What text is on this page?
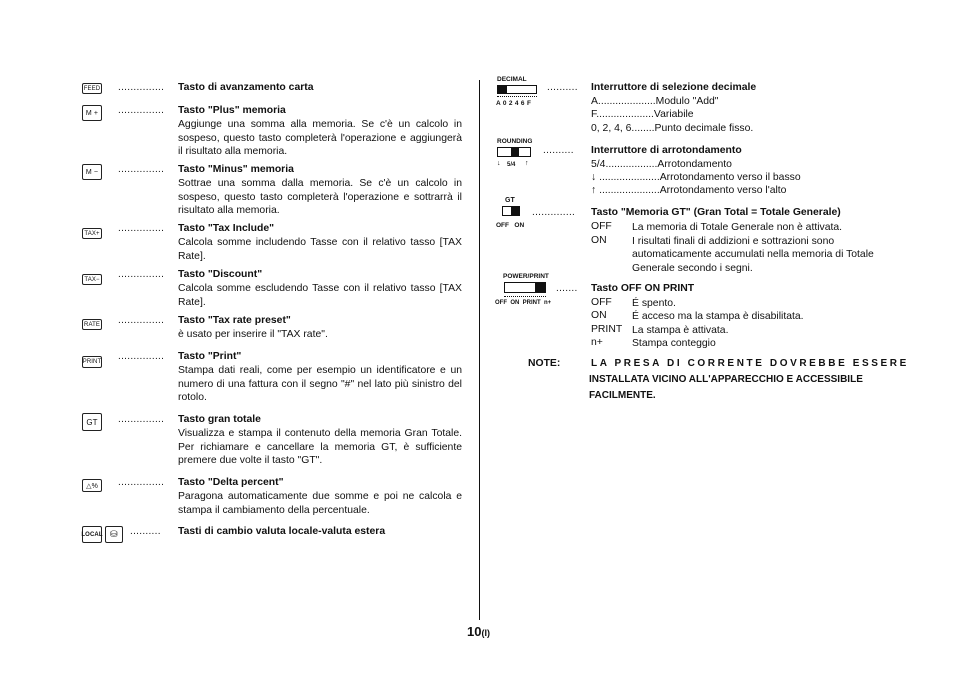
FEED ............... Tasto di avanzamento carta
M +	............... Tasto "Plus" memoria
Aggiunge una somma alla memoria. Se c'è un calcolo in sospeso, questo tasto completerà l'operazione e aggiungerà il risultato alla memoria.
M −	............... Tasto "Minus" memoria
Sottrae una somma dalla memoria. Se c'è un calcolo in sospeso, questo tasto completerà l'operazione e sottrarrà il risultato alla memoria.
TAX+ ............... Tasto "Tax Include"
Calcola somme includendo Tasse con il relativo tasso [TAX Rate].
TAX− ............... Tasto "Discount"
Calcola somme escludendo Tasse con il relativo tasso [TAX Rate].
RATE ............... Tasto "Tax rate preset"
è usato per inserire il "TAX rate".
PRINT ............... Tasto "Print"
Stampa dati reali, come per esempio un identificatore e un numero di una fattura con il segno "#" nel lato più sinistro del rotolo.
GT	............... Tasto gran totale
Visualizza e stampa il contenuto della memoria Gran Totale. Per richiamare e cancellare la memoria GT, è sufficiente premere due volte il tasto "GT".
△%	............... Tasto "Delta percent"
Paragona automaticamente due somme e poi ne calcola e stampa il cambiamento della percentuale.
LOCAL ⛁	.......... Tasti di cambio valuta locale-valuta estera
DECIMAL
A 0 2 4 6 F
.......... Interruttore di selezione decimale
A....................Modulo "Add"
F....................Variabile
0, 2, 4, 6........Punto decimale fisso.
ROUNDING
↓ 5/4 ↑
.......... Interruttore di arrotondamento
5/4..................Arrotondamento
↓ .....................Arrotondamento verso il basso
↑ .....................Arrotondamento verso l'alto
GT
OFF   ON
.............. Tasto "Memoria GT" (Gran Total = Totale Generale)
OFF La memoria di Totale Generale non è attivata.
ON I risultati finali di addizioni e sottrazioni sono automaticamente accumulati nella memoria di Totale Generale secondo i segni.
POWER/PRINT
OFF  ON  PRINT  n+
....... Tasto OFF ON PRINT
OFF É spento.
ON É acceso ma la stampa è disabilitata.
PRINT La stampa è attivata.
n+	Stampa conteggio
NOTE:	LA PRESA DI CORRENTE DOVREBBE ESSERE
INSTALLATA VICINO ALL'APPARECCHIO E ACCESSIBILE
FACILMENTE.
10(I)
